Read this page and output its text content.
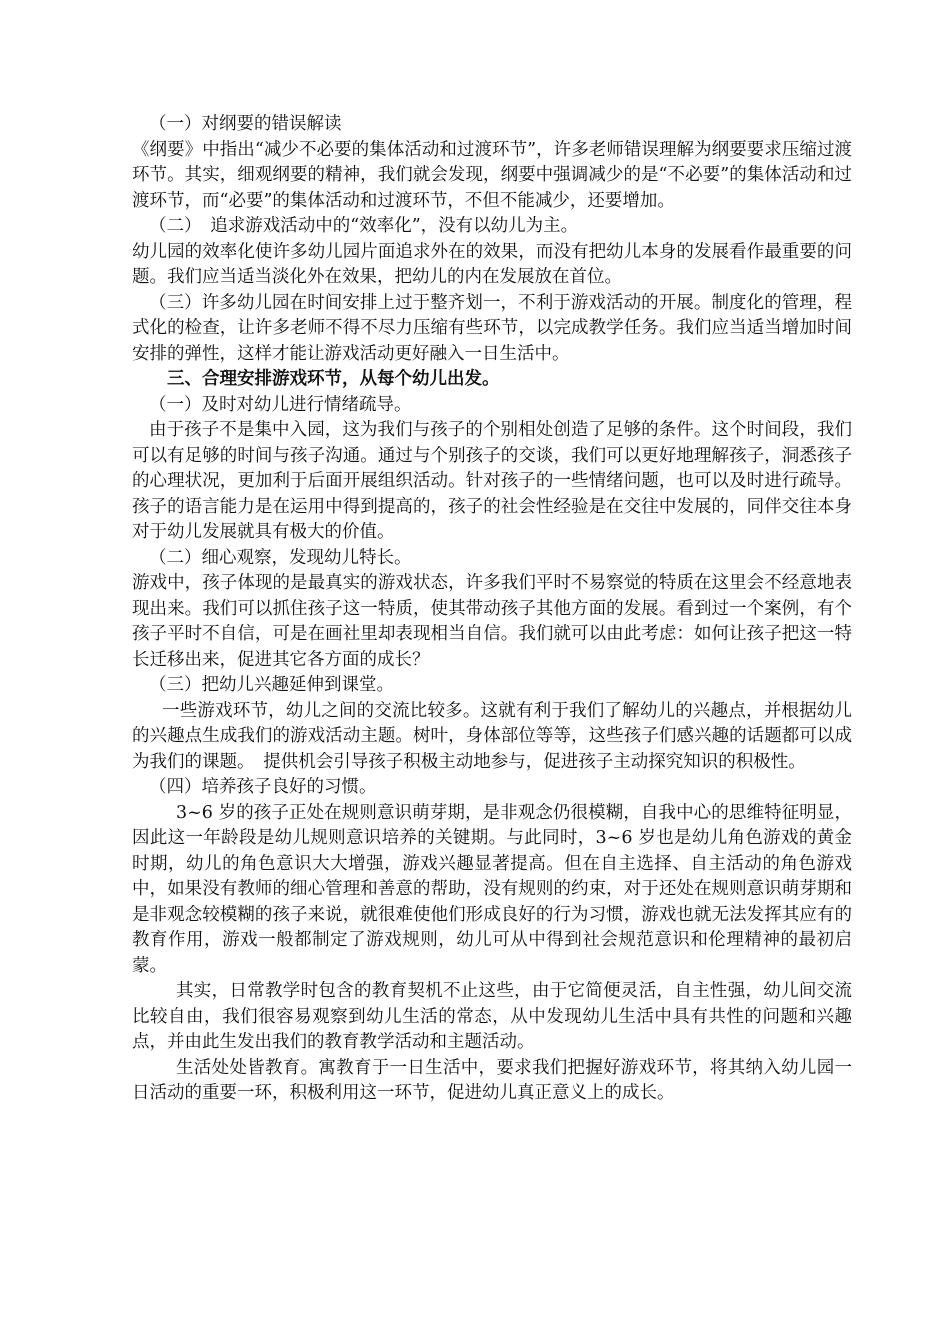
（一）对纲要的错误解读

《纲要》中指出“减少不必要的集体活动和过渡环节”，许多老师错误理解为纲要要求压缩过渡环节。其实，细观纲要的精神，我们就会发现，纲要中强调减少的是“不必要”的集体活动和过渡环节，而“必要”的集体活动和过渡环节，不但不能减少，还要增加。

（二）　追求游戏活动中的“效率化”，没有以幼儿为主。

幼儿园的效率化使许多幼儿园片面追求外在的效果，而没有把幼儿本身的发展看作最重要的问题。我们应当适当淡化外在效果，把幼儿的内在发展放在首位。

（三）许多幼儿园在时间安排上过于整齐划一，不利于游戏活动的开展。制度化的管理，程式化的检查，让许多老师不得不尽力压缩有些环节，以完成教学任务。我们应当适当增加时间安排的弹性，这样才能让游戏活动更好融入一日生活中。

三、合理安排游戏环节，从每个幼儿出发。

（一）及时对幼儿进行情绪疏导。

由于孩子不是集中入园，这为我们与孩子的个别相处创造了足够的条件。这个时间段，我们可以有足够的时间与孩子沟通。通过与个别孩子的交谈，我们可以更好地理解孩子，洞悉孩子的心理状况，更加利于后面开展组织活动。针对孩子的一些情绪问题，也可以及时进行疏导。孩子的语言能力是在运用中得到提高的，孩子的社会性经验是在交往中发展的，同伴交往本身对于幼儿发展就具有极大的价值。

（二）细心观察，发现幼儿特长。

游戏中，孩子体现的是最真实的游戏状态，许多我们平时不易察觉的特质在这里会不经意地表现出来。我们可以抓住孩子这一特质，使其带动孩子其他方面的发展。看到过一个案例，有个孩子平时不自信，可是在画社里却表现相当自信。我们就可以由此考虑：如何让孩子把这一特长迁移出来，促进其它各方面的成长？

（三）把幼儿兴趣延伸到课堂。

一些游戏环节，幼儿之间的交流比较多。这就有利于我们了解幼儿的兴趣点，并根据幼儿的兴趣点生成我们的游戏活动主题。树叶，身体部位等等，这些孩子们感兴趣的话题都可以成为我们的课题。　提供机会引导孩子积极主动地参与，促进孩子主动探究知识的积极性。

（四）培养孩子良好的习惯。

3~6 岁的孩子正处在规则意识萌芽期，是非观念仍很模糊，自我中心的思维特征明显，因此这一年龄段是幼儿规则意识培养的关键期。与此同时，3~6 岁也是幼儿角色游戏的黄金时期，幼儿的角色意识大大增强，游戏兴趣显著提高。但在自主选择、自主活动的角色游戏中，如果没有教师的细心管理和善意的帮助，没有规则的约束，对于还处在规则意识萌芽期和是非观念较模糊的孩子来说，就很难使他们形成良好的行为习惯，游戏也就无法发挥其应有的教育作用，游戏一般都制定了游戏规则，幼儿可从中得到社会规范意识和伦理精神的最初启蒙。

其实，日常教学时包含的教育契机不止这些，由于它简便灵活，自主性强，幼儿间交流比较自由，我们很容易观察到幼儿生活的常态，从中发现幼儿生活中具有共性的问题和兴趣点，并由此生发出我们的教育教学活动和主题活动。

生活处处皆教育。寓教育于一日生活中，要求我们把握好游戏环节，将其纳入幼儿园一日活动的重要一环，积极利用这一环节，促进幼儿真正意义上的成长。
